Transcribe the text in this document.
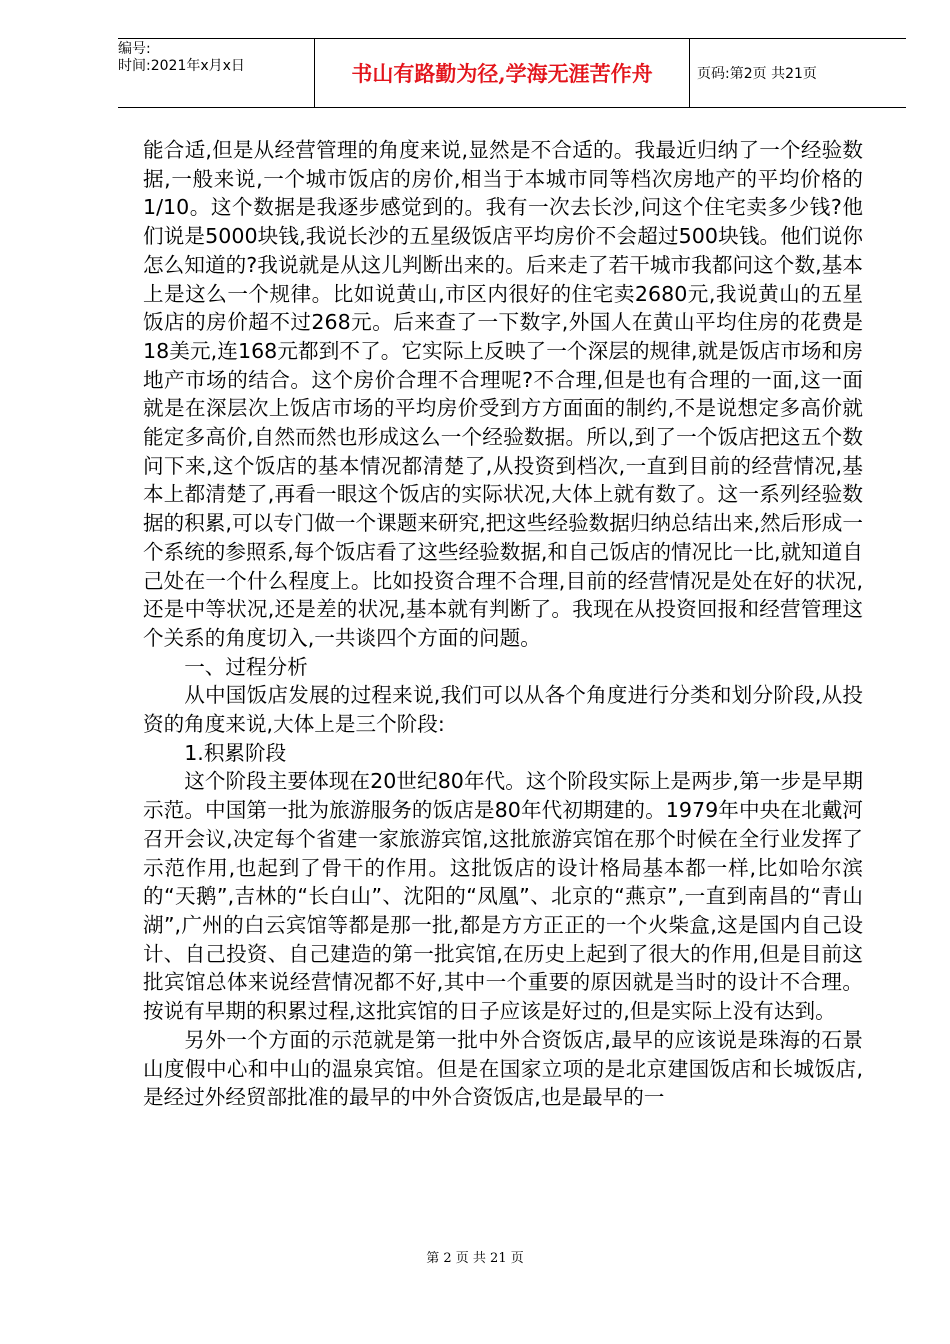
编号:
时间:2021年x月x日	书山有路勤为径,学海无涯苦作舟	页码:第2页 共21页

能合适,但是从经营管理的角度来说,显然是不合适的。我最近归纳了一个经验数据,一般来说,一个城市饭店的房价,相当于本城市同等档次房地产的平均价格的1/10。这个数据是我逐步感觉到的。我有一次去长沙,问这个住宅卖多少钱?他们说是5000块钱,我说长沙的五星级饭店平均房价不会超过500块钱。他们说你怎么知道的?我说就是从这儿判断出来的。后来走了若干城市我都问这个数,基本上是这么一个规律。比如说黄山,市区内很好的住宅卖2680元,我说黄山的五星饭店的房价超不过268元。后来查了一下数字,外国人在黄山平均住房的花费是18美元,连168元都到不了。它实际上反映了一个深层的规律,就是饭店市场和房地产市场的结合。这个房价合理不合理呢?不合理,但是也有合理的一面,这一面就是在深层次上饭店市场的平均房价受到方方面面的制约,不是说想定多高价就能定多高价,自然而然也形成这么一个经验数据。所以,到了一个饭店把这五个数问下来,这个饭店的基本情况都清楚了,从投资到档次,一直到目前的经营情况,基本上都清楚了,再看一眼这个饭店的实际状况,大体上就有数了。这一系列经验数据的积累,可以专门做一个课题来研究,把这些经验数据归纳总结出来,然后形成一个系统的参照系,每个饭店看了这些经验数据,和自己饭店的情况比一比,就知道自己处在一个什么程度上。比如投资合理不合理,目前的经营情况是处在好的状况,还是中等状况,还是差的状况,基本就有判断了。我现在从投资回报和经营管理这个关系的角度切入,一共谈四个方面的问题。

一、过程分析

从中国饭店发展的过程来说,我们可以从各个角度进行分类和划分阶段,从投资的角度来说,大体上是三个阶段:

1.积累阶段

这个阶段主要体现在20世纪80年代。这个阶段实际上是两步,第一步是早期示范。中国第一批为旅游服务的饭店是80年代初期建的。1979年中央在北戴河召开会议,决定每个省建一家旅游宾馆,这批旅游宾馆在那个时候在全行业发挥了示范作用,也起到了骨干的作用。这批饭店的设计格局基本都一样,比如哈尔滨的“天鹅”,吉林的“长白山”、沈阳的“凤凰”、北京的“燕京”,一直到南昌的“青山湖”,广州的白云宾馆等都是那一批,都是方方正正的一个火柴盒,这是国内自己设计、自己投资、自己建造的第一批宾馆,在历史上起到了很大的作用,但是目前这批宾馆总体来说经营情况都不好,其中一个重要的原因就是当时的设计不合理。按说有早期的积累过程,这批宾馆的日子应该是好过的,但是实际上没有达到。

另外一个方面的示范就是第一批中外合资饭店,最早的应该说是珠海的石景山度假中心和中山的温泉宾馆。但是在国家立项的是北京建国饭店和长城饭店,是经过外经贸部批准的最早的中外合资饭店,也是最早的一

第 2 页 共 21 页
